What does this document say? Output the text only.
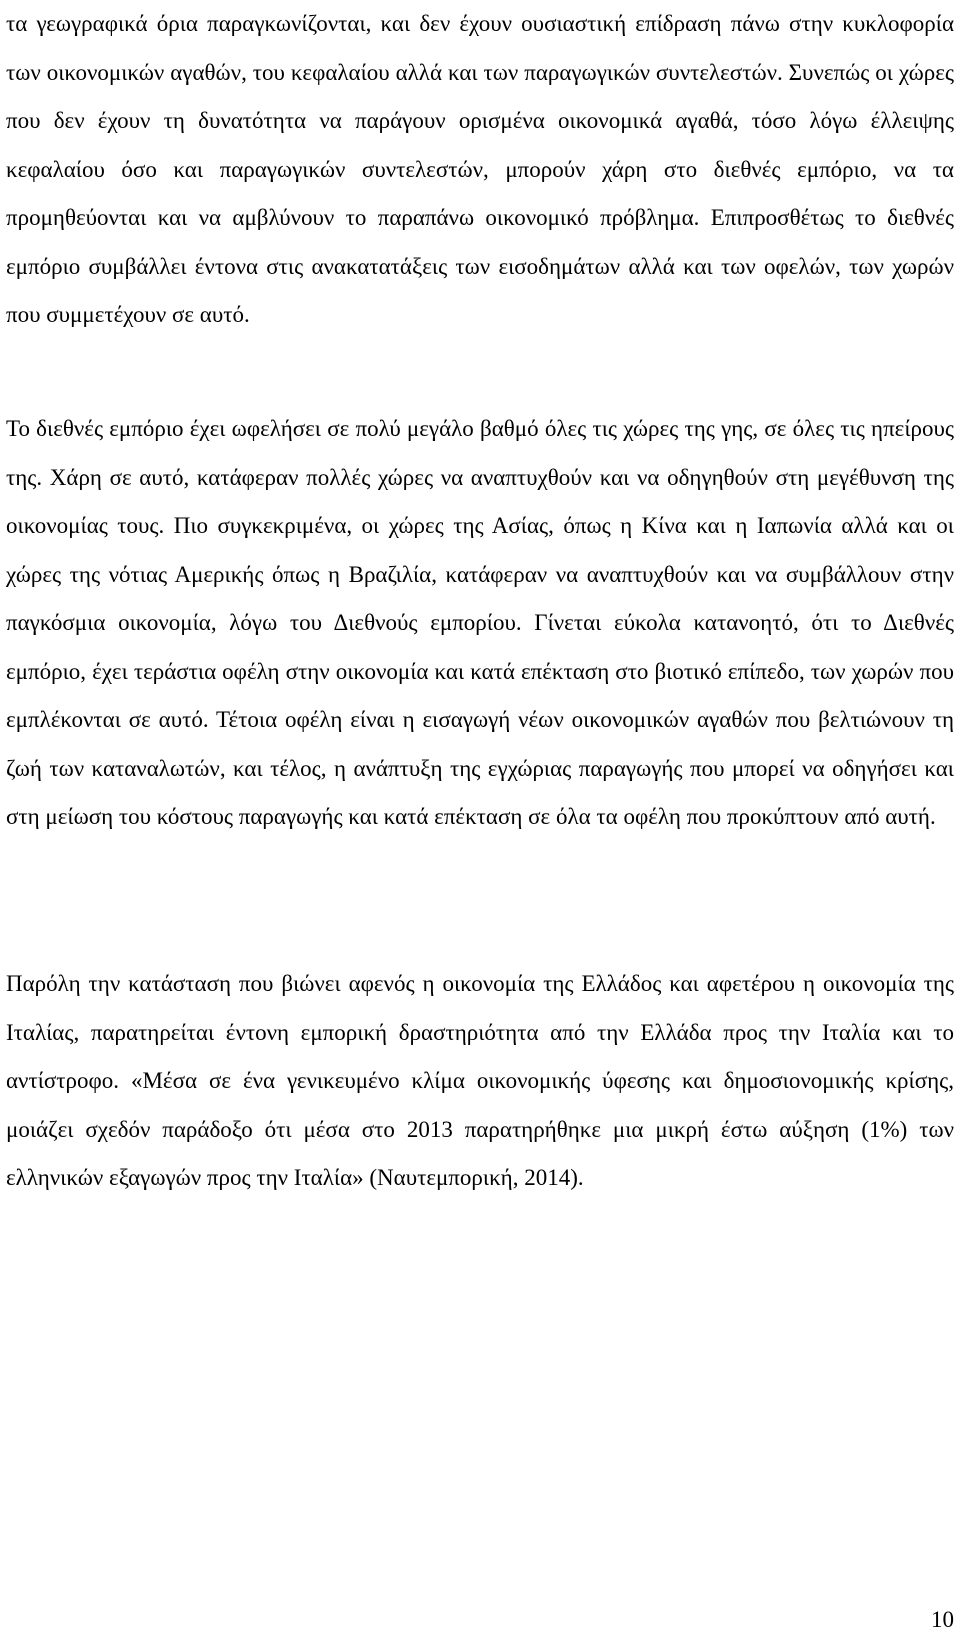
τα γεωγραφικά όρια παραγκωνίζονται, και δεν έχουν ουσιαστική επίδραση πάνω στην κυκλοφορία των οικονομικών αγαθών, του κεφαλαίου αλλά και των παραγωγικών συντελεστών. Συνεπώς οι χώρες που δεν έχουν τη δυνατότητα να παράγουν ορισμένα οικονομικά αγαθά, τόσο λόγω έλλειψης κεφαλαίου όσο και παραγωγικών συντελεστών, μπορούν χάρη στο διεθνές εμπόριο, να τα προμηθεύονται και να αμβλύνουν το παραπάνω οικονομικό πρόβλημα. Επιπροσθέτως το διεθνές εμπόριο συμβάλλει έντονα στις ανακατατάξεις των εισοδημάτων αλλά και των οφελών, των χωρών που συμμετέχουν σε αυτό.

Το διεθνές εμπόριο έχει ωφελήσει σε πολύ μεγάλο βαθμό όλες τις χώρες της γης, σε όλες τις ηπείρους της. Χάρη σε αυτό, κατάφεραν πολλές χώρες να αναπτυχθούν και να οδηγηθούν στη μεγέθυνση της οικονομίας τους. Πιο συγκεκριμένα, οι χώρες της Ασίας, όπως η Κίνα και η Ιαπωνία αλλά και οι χώρες της νότιας Αμερικής όπως η Βραζιλία, κατάφεραν να αναπτυχθούν και να συμβάλλουν στην παγκόσμια οικονομία, λόγω του Διεθνούς εμπορίου. Γίνεται εύκολα κατανοητό, ότι το Διεθνές εμπόριο, έχει τεράστια οφέλη στην οικονομία και κατά επέκταση στο βιοτικό επίπεδο, των χωρών που εμπλέκονται σε αυτό. Τέτοια οφέλη είναι η εισαγωγή νέων οικονομικών αγαθών που βελτιώνουν τη ζωή των καταναλωτών, και τέλος, η ανάπτυξη της εγχώριας παραγωγής που μπορεί να οδηγήσει και στη μείωση του κόστους παραγωγής και κατά επέκταση σε όλα τα οφέλη που προκύπτουν από αυτή.

Παρόλη την κατάσταση που βιώνει αφενός η οικονομία της Ελλάδος και αφετέρου η οικονομία της Ιταλίας, παρατηρείται έντονη εμπορική δραστηριότητα από την Ελλάδα προς την Ιταλία και το αντίστροφο. «Μέσα σε ένα γενικευμένο κλίμα οικονομικής ύφεσης και δημοσιονομικής κρίσης, μοιάζει σχεδόν παράδοξο ότι μέσα στο 2013 παρατηρήθηκε μια μικρή έστω αύξηση (1%) των ελληνικών εξαγωγών προς την Ιταλία» (Ναυτεμπορική, 2014).

10
